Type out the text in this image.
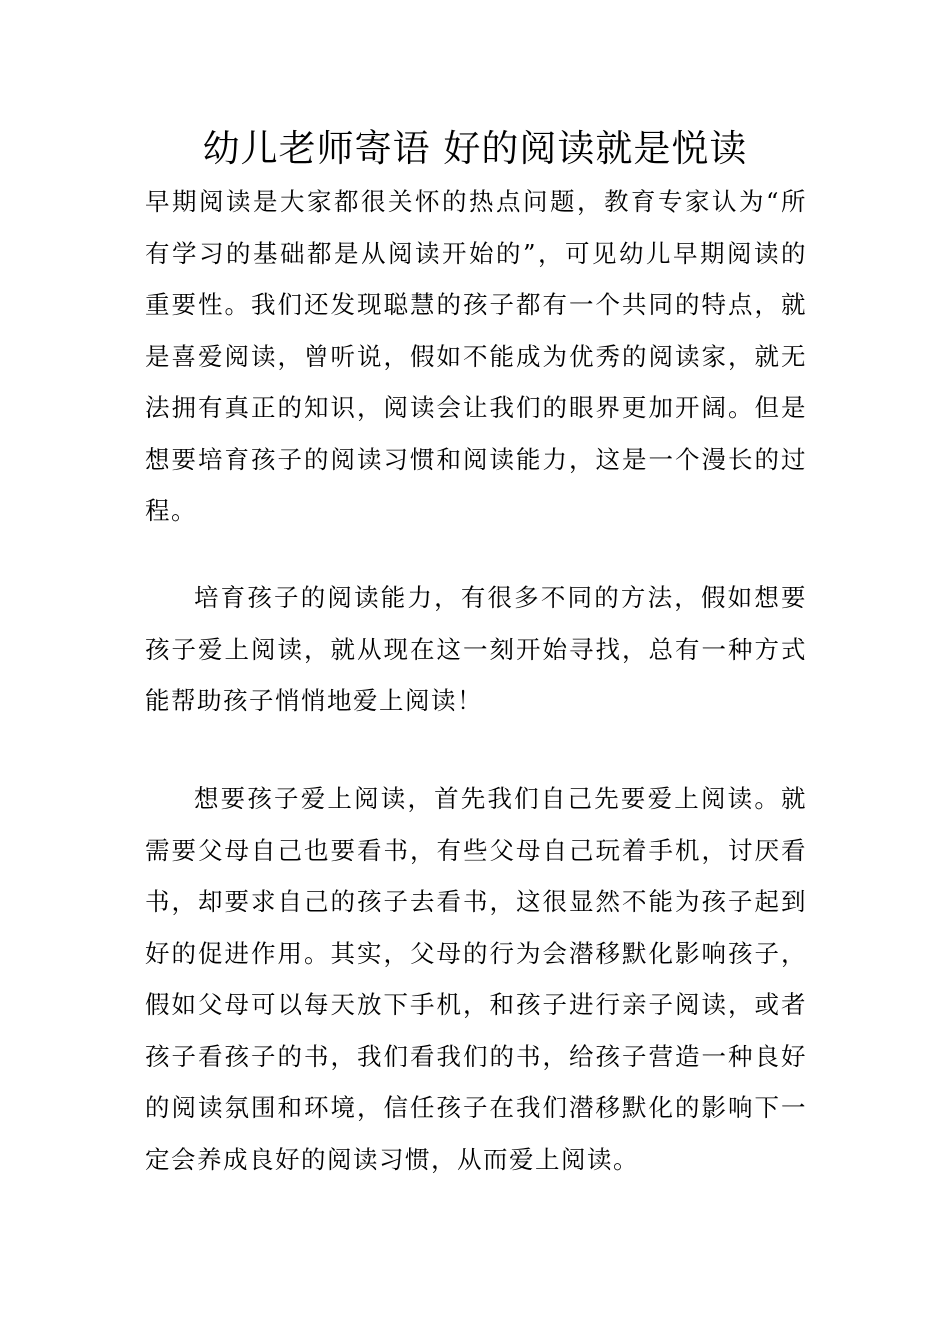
幼儿老师寄语 好的阅读就是悦读

早期阅读是大家都很关怀的热点问题，教育专家认为“所有学习的基础都是从阅读开始的”，可见幼儿早期阅读的重要性。我们还发现聪慧的孩子都有一个共同的特点，就是喜爱阅读，曾听说，假如不能成为优秀的阅读家，就无法拥有真正的知识，阅读会让我们的眼界更加开阔。但是想要培育孩子的阅读习惯和阅读能力，这是一个漫长的过程。

培育孩子的阅读能力，有很多不同的方法，假如想要孩子爱上阅读，就从现在这一刻开始寻找，总有一种方式能帮助孩子悄悄地爱上阅读！

想要孩子爱上阅读，首先我们自己先要爱上阅读。就需要父母自己也要看书，有些父母自己玩着手机，讨厌看书，却要求自己的孩子去看书，这很显然不能为孩子起到好的促进作用。其实，父母的行为会潜移默化影响孩子，假如父母可以每天放下手机，和孩子进行亲子阅读，或者孩子看孩子的书，我们看我们的书，给孩子营造一种良好的阅读氛围和环境，信任孩子在我们潜移默化的影响下一定会养成良好的阅读习惯，从而爱上阅读。
